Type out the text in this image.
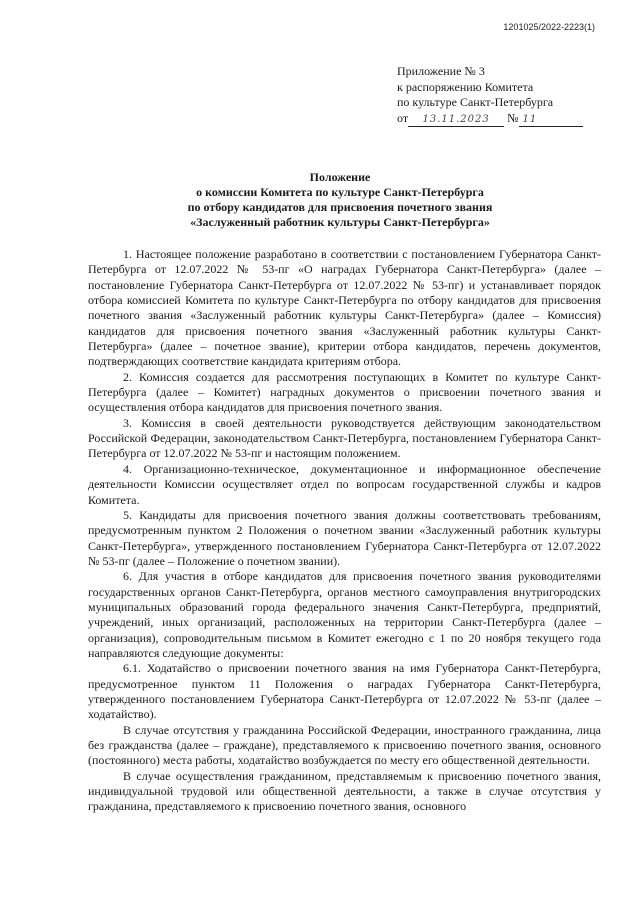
1201025/2022-2223(1)
Приложение № 3
к распоряжению Комитета
по культуре Санкт-Петербурга
от 13.11.2023 № 11
Положение
о комиссии Комитета по культуре Санкт-Петербурга
по отбору кандидатов для присвоения почетного звания
«Заслуженный работник культуры Санкт-Петербурга»

1. Настоящее положение разработано в соответствии с постановлением Губернатора Санкт-Петербурга от 12.07.2022 № 53-пг «О наградах Губернатора Санкт-Петербурга» (далее – постановление Губернатора Санкт-Петербурга от 12.07.2022 № 53-пг) и устанавливает порядок отбора комиссией Комитета по культуре Санкт-Петербурга по отбору кандидатов для присвоения почетного звания «Заслуженный работник культуры Санкт-Петербурга» (далее – Комиссия) кандидатов для присвоения почетного звания «Заслуженный работник культуры Санкт-Петербурга» (далее – почетное звание), критерии отбора кандидатов, перечень документов, подтверждающих соответствие кандидата критериям отбора.

2. Комиссия создается для рассмотрения поступающих в Комитет по культуре Санкт-Петербурга (далее – Комитет) наградных документов о присвоении почетного звания и осуществления отбора кандидатов для присвоения почетного звания.

3. Комиссия в своей деятельности руководствуется действующим законодательством Российской Федерации, законодательством Санкт-Петербурга, постановлением Губернатора Санкт-Петербурга от 12.07.2022 № 53-пг и настоящим положением.

4. Организационно-техническое, документационное и информационное обеспечение деятельности Комиссии осуществляет отдел по вопросам государственной службы и кадров Комитета.

5. Кандидаты для присвоения почетного звания должны соответствовать требованиям, предусмотренным пунктом 2 Положения о почетном звании «Заслуженный работник культуры Санкт-Петербурга», утвержденного постановлением Губернатора Санкт-Петербурга от 12.07.2022 № 53-пг (далее – Положение о почетном звании).

6. Для участия в отборе кандидатов для присвоения почетного звания руководителями государственных органов Санкт-Петербурга, органов местного самоуправления внутригородских муниципальных образований города федерального значения Санкт-Петербурга, предприятий, учреждений, иных организаций, расположенных на территории Санкт-Петербурга (далее – организация), сопроводительным письмом в Комитет ежегодно с 1 по 20 ноября текущего года направляются следующие документы:

6.1. Ходатайство о присвоении почетного звания на имя Губернатора Санкт-Петербурга, предусмотренное пунктом 11 Положения о наградах Губернатора Санкт-Петербурга, утвержденного постановлением Губернатора Санкт-Петербурга от 12.07.2022 № 53-пг (далее – ходатайство).

В случае отсутствия у гражданина Российской Федерации, иностранного гражданина, лица без гражданства (далее – граждане), представляемого к присвоению почетного звания, основного (постоянного) места работы, ходатайство возбуждается по месту его общественной деятельности.

В случае осуществления гражданином, представляемым к присвоению почетного звания, индивидуальной трудовой или общественной деятельности, а также в случае отсутствия у гражданина, представляемого к присвоению почетного звания, основного
